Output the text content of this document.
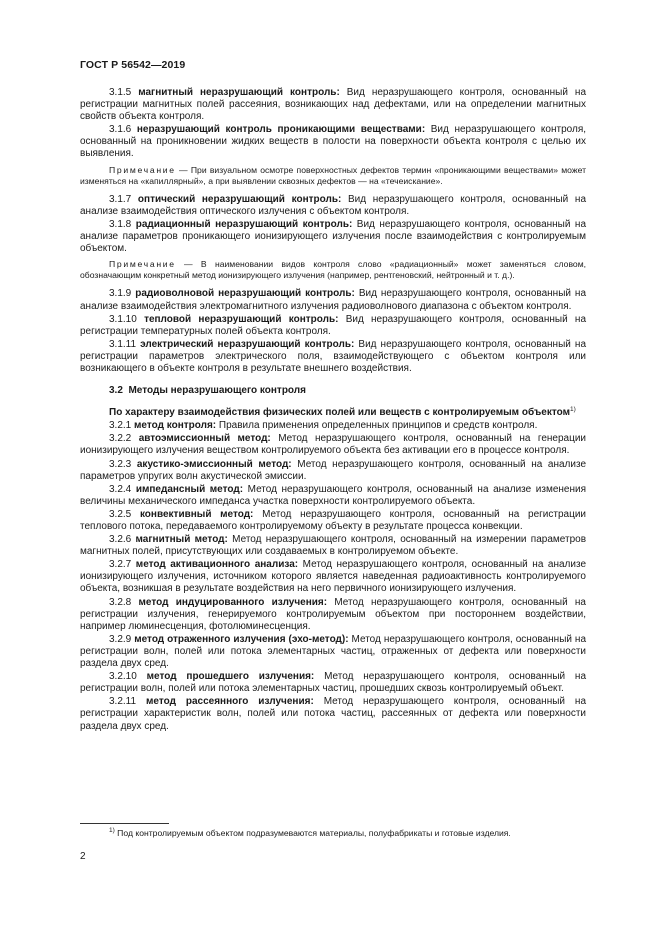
ГОСТ Р 56542—2019

3.1.5 магнитный неразрушающий контроль: Вид неразрушающего контроля, основанный на регистрации магнитных полей рассеяния, возникающих над дефектами, или на определении магнитных свойств объекта контроля.

3.1.6 неразрушающий контроль проникающими веществами: Вид неразрушающего контроля, основанный на проникновении жидких веществ в полости на поверхности объекта контроля с целью их выявления.

Примечание — При визуальном осмотре поверхностных дефектов термин «проникающими веществами» может изменяться на «капиллярный», а при выявлении сквозных дефектов — на «течеискание».

3.1.7 оптический неразрушающий контроль: Вид неразрушающего контроля, основанный на анализе взаимодействия оптического излучения с объектом контроля.

3.1.8 радиационный неразрушающий контроль: Вид неразрушающего контроля, основанный на анализе параметров проникающего ионизирующего излучения после взаимодействия с контролируемым объектом.

Примечание — В наименовании видов контроля слово «радиационный» может заменяться словом, обозначающим конкретный метод ионизирующего излучения (например, рентгеновский, нейтронный и т. д.).

3.1.9 радиоволновой неразрушающий контроль: Вид неразрушающего контроля, основанный на анализе взаимодействия электромагнитного излучения радиоволнового диапазона с объектом контроля.

3.1.10 тепловой неразрушающий контроль: Вид неразрушающего контроля, основанный на регистрации температурных полей объекта контроля.

3.1.11 электрический неразрушающий контроль: Вид неразрушающего контроля, основанный на регистрации параметров электрического поля, взаимодействующего с объектом контроля или возникающего в объекте контроля в результате внешнего воздействия.

3.2 Методы неразрушающего контроля

По характеру взаимодействия физических полей или веществ с контролируемым объектом$^{1)}$

3.2.1 метод контроля: Правила применения определенных принципов и средств контроля.

3.2.2 автоэмиссионный метод: Метод неразрушающего контроля, основанный на генерации ионизирующего излучения веществом контролируемого объекта без активации его в процессе контроля.

3.2.3 акустико-эмиссионный метод: Метод неразрушающего контроля, основанный на анализе параметров упругих волн акустической эмиссии.

3.2.4 импедансный метод: Метод неразрушающего контроля, основанный на анализе изменения величины механического импеданса участка поверхности контролируемого объекта.

3.2.5 конвективный метод: Метод неразрушающего контроля, основанный на регистрации теплового потока, передаваемого контролируемому объекту в результате процесса конвекции.

3.2.6 магнитный метод: Метод неразрушающего контроля, основанный на измерении параметров магнитных полей, присутствующих или создаваемых в контролируемом объекте.

3.2.7 метод активационного анализа: Метод неразрушающего контроля, основанный на анализе ионизирующего излучения, источником которого является наведенная радиоактивность контролируемого объекта, возникшая в результате воздействия на него первичного ионизирующего излучения.

3.2.8 метод индуцированного излучения: Метод неразрушающего контроля, основанный на регистрации излучения, генерируемого контролируемым объектом при постороннем воздействии, например люминесценция, фотолюминесценция.

3.2.9 метод отраженного излучения (эхо-метод): Метод неразрушающего контроля, основанный на регистрации волн, полей или потока элементарных частиц, отраженных от дефекта или поверхности раздела двух сред.

3.2.10 метод прошедшего излучения: Метод неразрушающего контроля, основанный на регистрации волн, полей или потока элементарных частиц, прошедших сквозь контролируемый объект.

3.2.11 метод рассеянного излучения: Метод неразрушающего контроля, основанный на регистрации характеристик волн, полей или потока частиц, рассеянных от дефекта или поверхности раздела двух сред.

$^{1)}$ Под контролируемым объектом подразумеваются материалы, полуфабрикаты и готовые изделия.
2
